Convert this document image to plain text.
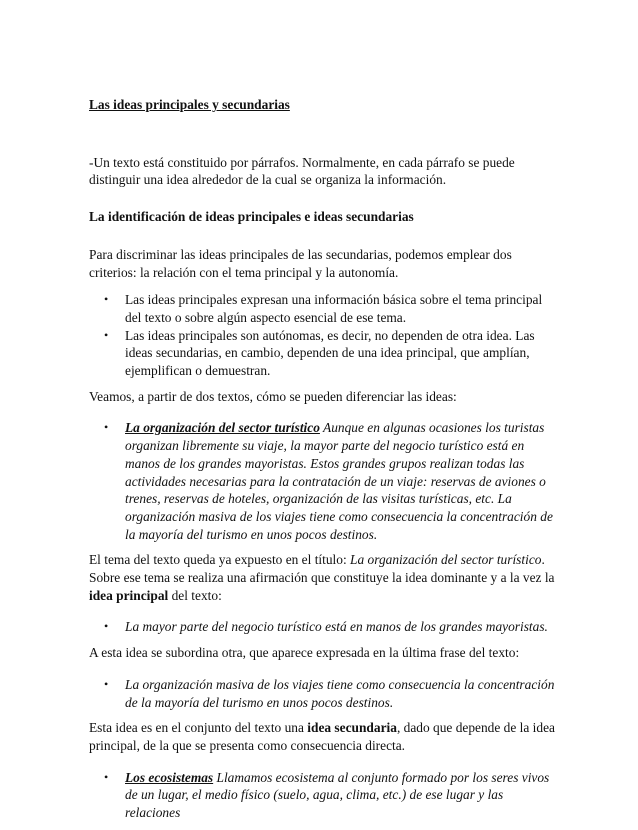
Las ideas principales y secundarias

-Un texto está constituido por párrafos. Normalmente, en cada párrafo se puede distinguir una idea alrededor de la cual se organiza la información.

La identificación de ideas principales e ideas secundarias

Para discriminar las ideas principales de las secundarias, podemos emplear dos criterios: la relación con el tema principal y la autonomía.

• Las ideas principales expresan una información básica sobre el tema principal del texto o sobre algún aspecto esencial de ese tema.
• Las ideas principales son autónomas, es decir, no dependen de otra idea. Las ideas secundarias, en cambio, dependen de una idea principal, que amplían, ejemplifican o demuestran.

Veamos, a partir de dos textos, cómo se pueden diferenciar las ideas:

• La organización del sector turístico Aunque en algunas ocasiones los turistas organizan libremente su viaje, la mayor parte del negocio turístico está en manos de los grandes mayoristas. Estos grandes grupos realizan todas las actividades necesarias para la contratación de un viaje: reservas de aviones o trenes, reservas de hoteles, organización de las visitas turísticas, etc. La organización masiva de los viajes tiene como consecuencia la concentración de la mayoría del turismo en unos pocos destinos.

El tema del texto queda ya expuesto en el título: La organización del sector turístico. Sobre ese tema se realiza una afirmación que constituye la idea dominante y a la vez la idea principal del texto:

• La mayor parte del negocio turístico está en manos de los grandes mayoristas.

A esta idea se subordina otra, que aparece expresada en la última frase del texto:

• La organización masiva de los viajes tiene como consecuencia la concentración de la mayoría del turismo en unos pocos destinos.

Esta idea es en el conjunto del texto una idea secundaria, dado que depende de la idea principal, de la que se presenta como consecuencia directa.

• Los ecosistemas Llamamos ecosistema al conjunto formado por los seres vivos de un lugar, el medio físico (suelo, agua, clima, etc.) de ese lugar y las relaciones
